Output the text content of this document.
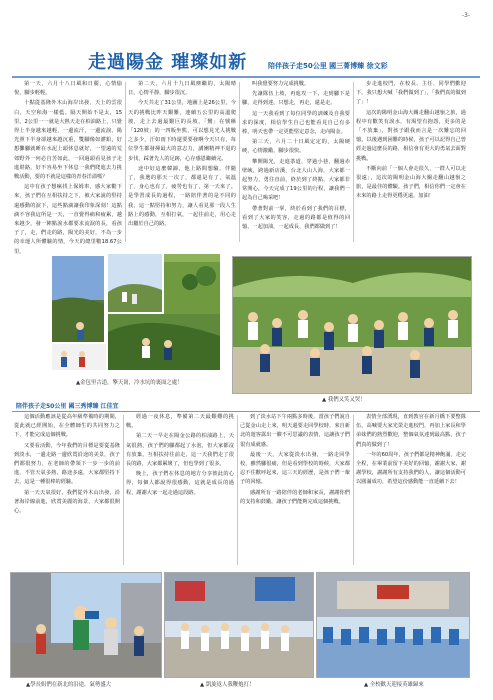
-3-
走過陽金 璀璨如新	陪伴孩子走50公里 國三菁博臻 徐文彩

第一天，六月十八日風和日麗，心情愉悅，腳步輕輕。

十點從基隆外木山海岸出發，天上的雲很白，天空和海一樣藍。隔天開始不是太，15里，2公里一一就是大熱天走在柏油路上，只覺得上半身越來越輕，一邊流汗，一邊流淚，陽光照下半身卻越來越沉重，雙腳像如灌鉛，好想攤腳就睡在水泥上頭休息就好，一望遠的荒郊野外一何必自苦如此，一回過頭看見孩子走進堪路，好不容易坐下休息一我們爬進去力挑戰活動，要的不就是這樣的青春洋溢嗎？

這中有孩子想瘋找上保姆車，感大家勸下來，孩子們在互相扶持之下，被大家說的堅持還感動的淚下，這些點滴讓我印象深刻！這點滴不容我這所是一天，一直覺得痛和疲累，越來越少，發一陣點淚水都要求流淚的長，看孩子了，走，們走的路，陽光的美好，不為一步的幸運人所體驗的情，今天的總里數18.67公里。

第二天，六月十九日風塵繼的，太陽晴日，心情平靜，腳步很沉。

今天共走了31公里，地圖上是26公里，今天的挑戰比昨天艱難，連續五公里的高溫爬坡，走上去過最艱巨的長坡，「鸞」在號稱「120坡」的一四販坐熊，可以想見光人挑戰之多少，汗如雨下時還要要發啊今天只有，每位學生都發揮最大的意志力，講團精神不退的步伐，踩著先人的足跡，心存感恩繼續完。

途中好這麼韓錦，他上路間想驗。伴隨了，我選的那天一次了，都還是有了，氣溫了，身心也有了，疲勞也有了，第一天來了。是學習成長的過程，一路陪伴著的是不同的我，這一點堅持和努力，讓人看見那一段人生路上的感動，互相打氣，一起往前走，用心走出屬於自己的路。

叫我覺要努力完成挑戰。

先讓隊伍上坡，再進攻一下，走到腳下是腳，走得到達，只想走，再走，還是走。

這一天我看到了每位同學的訓練及自我要求的深度，相信學生自己也能看見自己有多棒，明天也帶一定更能堅定意念，走向陽金。

第三天，六月二十日風定定的，太陽硬硬，心情激勵，腳步很快。

攀開陽光，走進茶道，穿過小巷，翻過赤壁峽，跨過新店溪，台北人山人海，大家都一起努力，勇往直前，終於到了終點，大家都非常開心，今天完成了19公里的行程，讓我們一起為自己喝采吧！

帶著對前一掌，終於看到了我們的目標，看到了大家的笑容，走過的路都是值得的回憶，一起加油，一起成長，我們都做到了！

步走進校門，在校長、主任、同學們歡迎下，我只想大喊「我們做到了」，「我們真的做到了」！

這次的陽明金山海大關走翻山越嶺之旅，過程中有歡笑有淚水，有渴望有抱怨，更多的是「不放棄」，對孩子跟我而言是一次難忘的回憶，以後遇到困難的時候，孩子可以記得自己曾經走過這麼長的路，相信會有更大的勇氣去面對挑戰。

不斷向前「一個人會走很久，一群人可以走很遠」，這次的陽明金山海大關走翻山越嶺之旅，是最佳的體驗。孩子們，相信你們一定會在未來的路上走得更穩更遠，加油！

▲金包里古道，擎天崗，冷水坑的裏面之處！
▲ 我們又笑又哭！
陪伴孩子走50公里 國三秀博臻 江佳宜

這個活動應該是從高年級準備時的期間，從此就已經開始，在全體師生的共同努力之下，才能完成這個挑戰。

又要看活動，今年我們的目標是要從基隆到淡水，一邊走路一邊欣賞沿途的美景，孩子們都很努力，在老師的帶領下一步一步的前進，不管天氣多熱，路途多遠，大家都堅持下去，這是一種很棒的經驗。

第一天天氣很好，我們從外木山出發，沿著海岸線前進，欣賞美麗的海景，大家都很開心。

經過一夜休息，準備第二天最艱難的挑戰。

第二天一早走在陽金公路的柏油路上，天氣很熱，孩子們的腳都起了水泡，但大家都沒有放棄，互相扶持往前走，這一天我們走了很長的路，大家都累壞了，但也學到了很多。

晚上，孩子們在休息的地方分享彼此的心得，每個人都說得很感動，這就是成長的過程，謝謝大家一起走過這段路。

到了淡水站下午兩點多時後，當孩子們說自己從金山走上來，明天還要走回學校時，來自新北的遊客露出一臉不可思議的表情，這讓孩子們很有成就感。

最後一天，大家從淡水出發，一路走回學校，雖然腳很痛，但是看到學校的時候，大家都忍不住歡呼起來，這三天的經歷，是孩子們一輩子的回憶。

感謝所有一路陪伴的老師和家長，謝謝你們的支持和鼓勵，讓孩子們能夠完成這個挑戰。

表情全部湧現，直到教官在新月橋下要整隊伍，高喊要大家光榮走進校門，再加上家長和學弟妹們的熱烈歡迎，整個氣氛達到最高點，孩子們真的做到了！

一年的60周年，孩子們都是精神飽滿，走完全程，在畢業前留下美好的回憶，謝謝大家，謝謝學校，謝謝所有支持我們的人，讓這個活動可以圓滿成功，希望這份感動能一直延續下去！

▲學長姐們在新北的沿途，氣勢盛大	▲ 凱旋返人我鞭炮打！	▲ 全校歡天迎接英雄歸來
